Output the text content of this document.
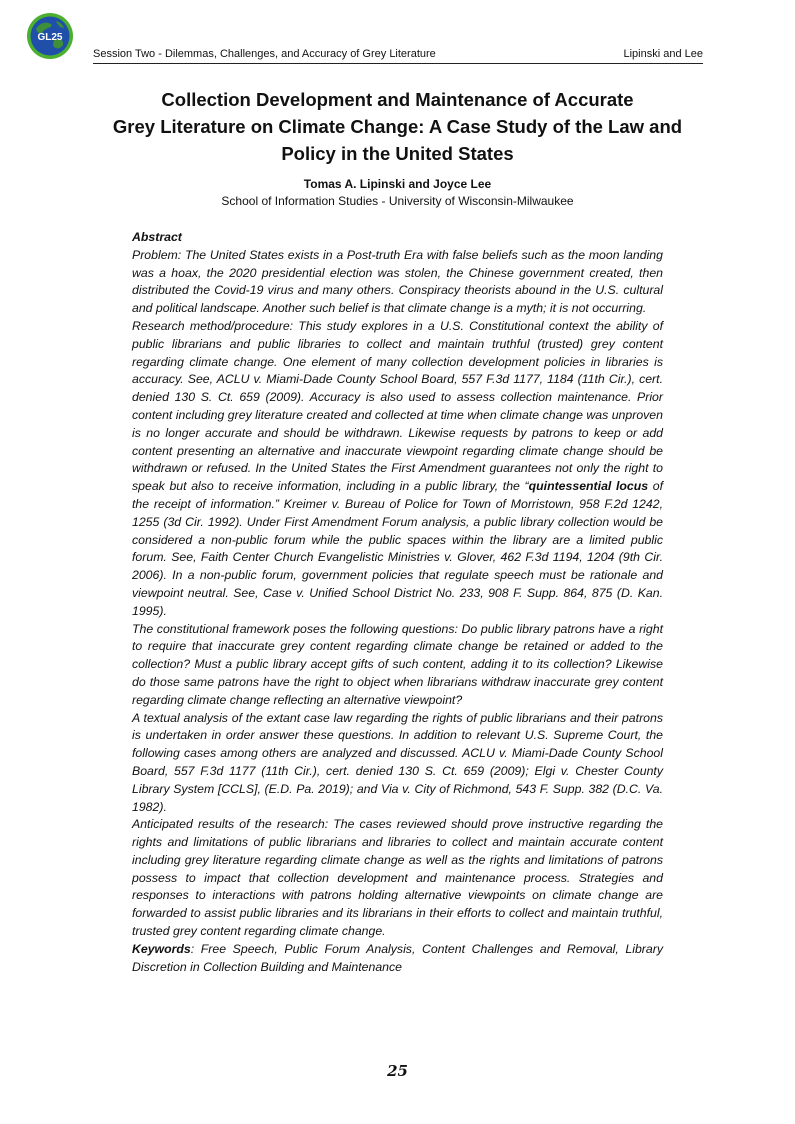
GL25
Session Two - Dilemmas, Challenges, and Accuracy of Grey Literature	Lipinski and Lee
Collection Development and Maintenance of Accurate
Grey Literature on Climate Change: A Case Study of the Law and
Policy in the United States
Tomas A. Lipinski and Joyce Lee
School of Information Studies - University of Wisconsin-Milwaukee

Abstract

Problem: The United States exists in a Post-truth Era with false beliefs such as the moon landing was a hoax, the 2020 presidential election was stolen, the Chinese government created, then distributed the Covid-19 virus and many others. Conspiracy theorists abound in the U.S. cultural and political landscape. Another such belief is that climate change is a myth; it is not occurring.

Research method/procedure: This study explores in a U.S. Constitutional context the ability of public librarians and public libraries to collect and maintain truthful (trusted) grey content regarding climate change. One element of many collection development policies in libraries is accuracy. See, ACLU v. Miami-Dade County School Board, 557 F.3d 1177, 1184 (11th Cir.), cert. denied 130 S. Ct. 659 (2009). Accuracy is also used to assess collection maintenance. Prior content including grey literature created and collected at time when climate change was unproven is no longer accurate and should be withdrawn. Likewise requests by patrons to keep or add content presenting an alternative and inaccurate viewpoint regarding climate change should be withdrawn or refused. In the United States the First Amendment guarantees not only the right to speak but also to receive information, including in a public library, the “quintessential locus of the receipt of information.” Kreimer v. Bureau of Police for Town of Morristown, 958 F.2d 1242, 1255 (3d Cir. 1992). Under First Amendment Forum analysis, a public library collection would be considered a non-public forum while the public spaces within the library are a limited public forum. See, Faith Center Church Evangelistic Ministries v. Glover, 462 F.3d 1194, 1204 (9th Cir. 2006). In a non-public forum, government policies that regulate speech must be rationale and viewpoint neutral. See, Case v. Unified School District No. 233, 908 F. Supp. 864, 875 (D. Kan. 1995).

The constitutional framework poses the following questions: Do public library patrons have a right to require that inaccurate grey content regarding climate change be retained or added to the collection? Must a public library accept gifts of such content, adding it to its collection? Likewise do those same patrons have the right to object when librarians withdraw inaccurate grey content regarding climate change reflecting an alternative viewpoint?

A textual analysis of the extant case law regarding the rights of public librarians and their patrons is undertaken in order answer these questions. In addition to relevant U.S. Supreme Court, the following cases among others are analyzed and discussed. ACLU v. Miami-Dade County School Board, 557 F.3d 1177 (11th Cir.), cert. denied 130 S. Ct. 659 (2009); Elgi v. Chester County Library System [CCLS], (E.D. Pa. 2019); and Via v. City of Richmond, 543 F. Supp. 382 (D.C. Va. 1982).

Anticipated results of the research: The cases reviewed should prove instructive regarding the rights and limitations of public librarians and libraries to collect and maintain accurate content including grey literature regarding climate change as well as the rights and limitations of patrons possess to impact that collection development and maintenance process. Strategies and responses to interactions with patrons holding alternative viewpoints on climate change are forwarded to assist public libraries and its librarians in their efforts to collect and maintain truthful, trusted grey content regarding climate change.

Keywords: Free Speech, Public Forum Analysis, Content Challenges and Removal, Library Discretion in Collection Building and Maintenance

25
